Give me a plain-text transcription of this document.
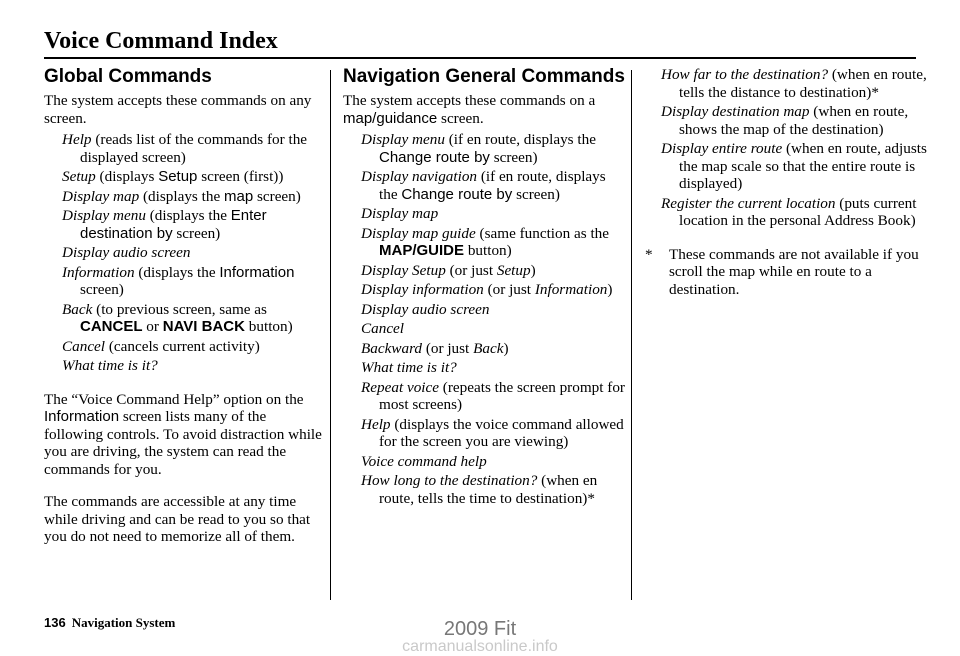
Voice Command Index
Global Commands
The system accepts these commands on any screen.
Help (reads list of the commands for the displayed screen)
Setup (displays Setup screen (first))
Display map (displays the map screen)
Display menu (displays the Enter destination by screen)
Display audio screen
Information (displays the Information screen)
Back (to previous screen, same as CANCEL or NAVI BACK button)
Cancel (cancels current activity)
What time is it?
The “Voice Command Help” option on the Information screen lists many of the following controls. To avoid distraction while you are driving, the system can read the commands for you.
The commands are accessible at any time while driving and can be read to you so that you do not need to memorize all of them.
Navigation General Commands
The system accepts these commands on a map/guidance screen.
Display menu (if en route, displays the Change route by screen)
Display navigation (if en route, displays the Change route by screen)
Display map
Display map guide (same function as the MAP/GUIDE button)
Display Setup (or just Setup)
Display information (or just Information)
Display audio screen
Cancel
Backward (or just Back)
What time is it?
Repeat voice (repeats the screen prompt for most screens)
Help (displays the voice command allowed for the screen you are viewing)
Voice command help
How long to the destination? (when en route, tells the time to destination)*
How far to the destination? (when en route, tells the distance to destination)*
Display destination map (when en route, shows the map of the destination)
Display entire route (when en route, adjusts the map scale so that the entire route is displayed)
Register the current location (puts current location in the personal Address Book)
* These commands are not available if you scroll the map while en route to a destination.
136 Navigation System	2009 Fit
carmanualsonline.info
